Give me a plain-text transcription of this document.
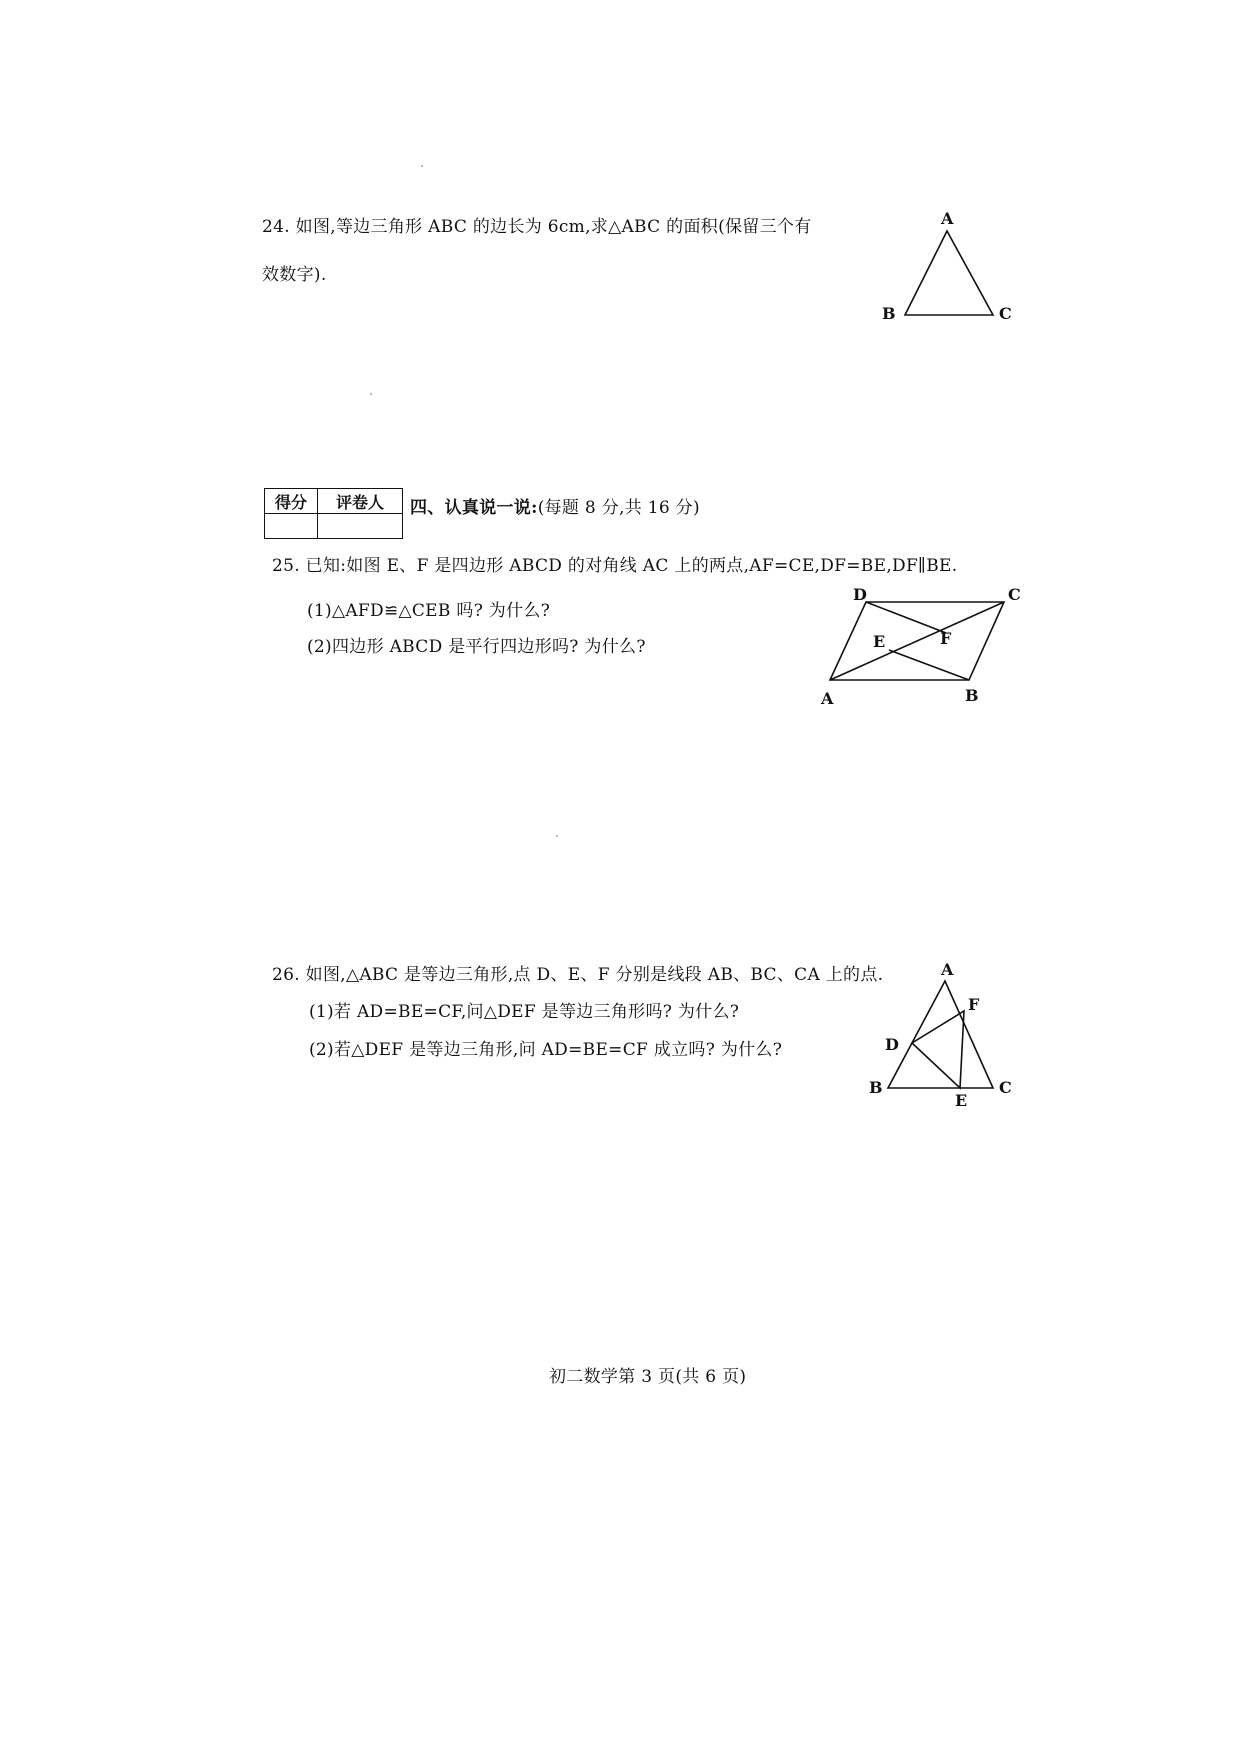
24. 如图,等边三角形 ABC 的边长为 6cm,求△ABC 的面积(保留三个有
效数字).
A
B	C
得分	评卷人
	四、认真说一说:(每题 8 分,共 16 分)
25. 已知:如图 E、F 是四边形 ABCD 的对角线 AC 上的两点,AF=CE,DF=BE,DF∥BE.
(1)△AFD≌△CEB 吗? 为什么?
(2)四边形 ABCD 是平行四边形吗? 为什么?
A	B
C
D
E	F
26. 如图,△ABC 是等边三角形,点 D、E、F 分别是线段 AB、BC、CA 上的点.
(1)若 AD=BE=CF,问△DEF 是等边三角形吗? 为什么?
(2)若△DEF 是等边三角形,问 AD=BE=CF 成立吗? 为什么?
A
B	C
D
E
F
初二数学第 3 页(共 6 页)
